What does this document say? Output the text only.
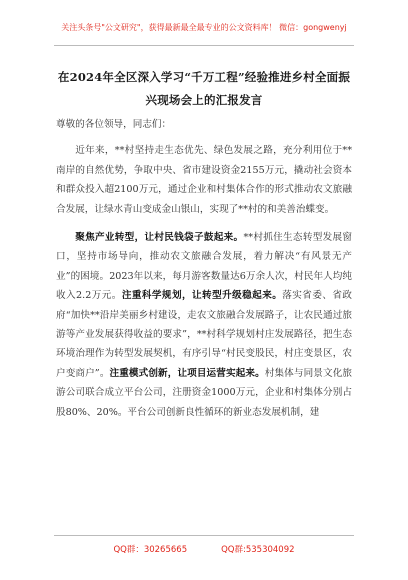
关注头条号"公文研究"，获得最新最全最专业的公文资料库！ 微信：gongwenyj
在2024年全区深入学习“千万工程”经验推进乡村全面振
兴现场会上的汇报发言

尊敬的各位领导，同志们：

近年来，**村坚持走生态优先、绿色发展之路，充分利用位于**南岸的自然优势，争取中央、省市建设资金2155万元，撬动社会资本和群众投入超2100万元，通过企业和村集体合作的形式推动农文旅融合发展，让绿水青山变成金山银山，实现了**村的和美善治蝶变。

聚焦产业转型，让村民钱袋子鼓起来。**村抓住生态转型发展窗口，坚持市场导向，推动农文旅融合发展，着力解决“有风景无产业”的困境。2023年以来，每月游客数量达6万余人次，村民年人均纯收入2.2万元。注重科学规划，让转型升级稳起来。落实省委、省政府“加快**沿岸美丽乡村建设，走农文旅融合发展路子，让农民通过旅游等产业发展获得收益的要求”，**村科学规划村庄发展路径，把生态环境治理作为转型发展契机，有序引导“村民变股民，村庄变景区，农户变商户”。注重模式创新，让项目运营实起来。村集体与同景文化旅游公司联合成立平台公司，注册资金1000万元，企业和村集体分别占股80%、20%。平台公司创新良性循环的新业态发展机制，建

QQ群：30265665	QQ群:535304092
